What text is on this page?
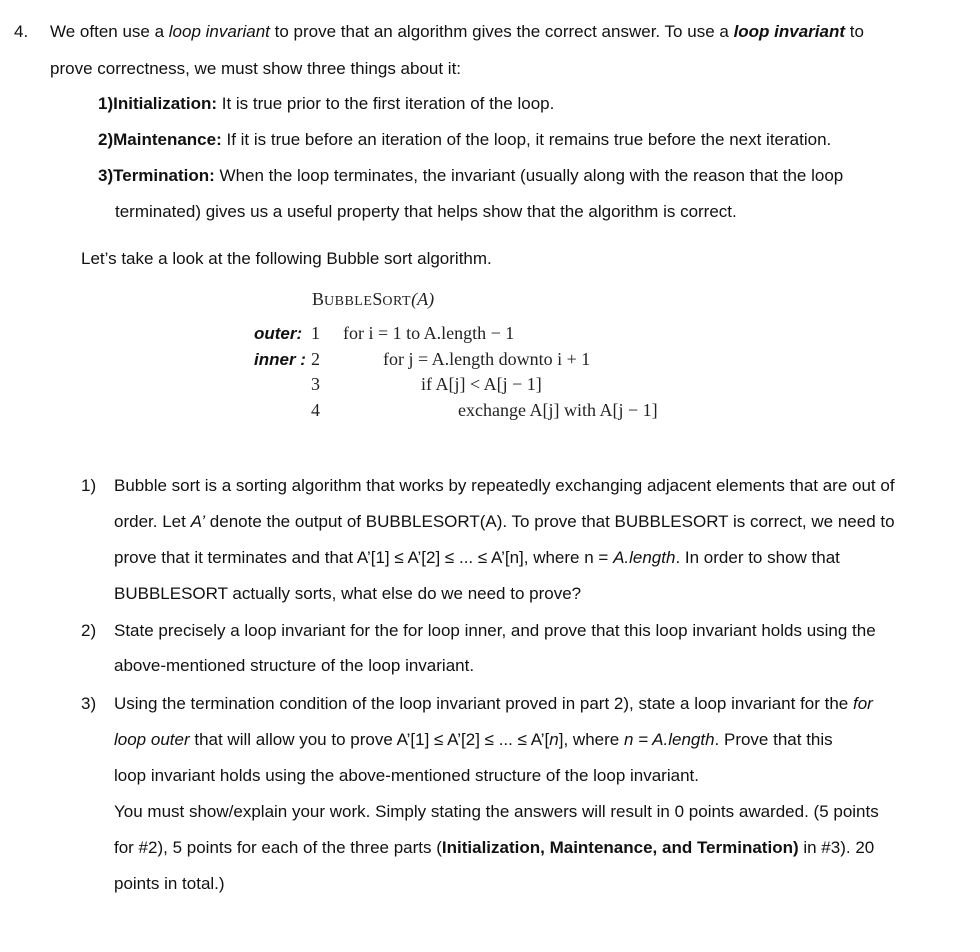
4. We often use a loop invariant to prove that an algorithm gives the correct answer. To use a loop invariant to
prove correctness, we must show three things about it:
1)Initialization: It is true prior to the first iteration of the loop.
2)Maintenance: If it is true before an iteration of the loop, it remains true before the next iteration.
3)Termination: When the loop terminates, the invariant (usually along with the reason that the loop
terminated) gives us a useful property that helps show that the algorithm is correct.
Let’s take a look at the following Bubble sort algorithm.
BUBBLESORT(A)
outer: 1 for i = 1 to A.length − 1
inner : 2	for j = A.length downto i + 1
3	if A[j] < A[j − 1]
4	exchange A[j] with A[j − 1]
1) Bubble sort is a sorting algorithm that works by repeatedly exchanging adjacent elements that are out of
order. Let A’ denote the output of BUBBLESORT(A). To prove that BUBBLESORT is correct, we need to
prove that it terminates and that A’[1] ≤ A’[2] ≤ ... ≤ A’[n], where n = A.length. In order to show that
BUBBLESORT actually sorts, what else do we need to prove?
2) State precisely a loop invariant for the for loop inner, and prove that this loop invariant holds using the
above-mentioned structure of the loop invariant.
3) Using the termination condition of the loop invariant proved in part 2), state a loop invariant for the for
loop outer that will allow you to prove A’[1] ≤ A’[2] ≤ ... ≤ A’[n], where n = A.length. Prove that this
loop invariant holds using the above-mentioned structure of the loop invariant.
You must show/explain your work. Simply stating the answers will result in 0 points awarded. (5 points
for #2), 5 points for each of the three parts (Initialization, Maintenance, and Termination) in #3). 20
points in total.)
